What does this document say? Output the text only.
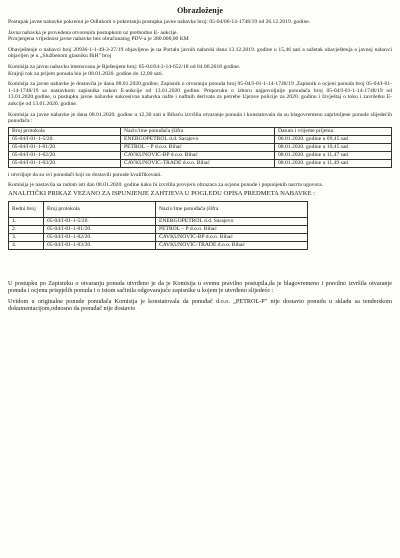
Obrazloženje

Postupak javne nabavke pokrenut je Odlukom o pokretanju postupka javne nabavke broj: 05-04/06-14-1748/19 od 26.12.2019. godine.

Javna nabavka je provedena otvorenim postupkom uz prethodno E- aukcije.

Procjenjena vrijednost javne nabavke bez obračunatog PDV-a je 380.000,00 KM

Obavještenje o nabavci broj 20936-1-1-49-3-27/19 objavljeno je na Portalu javnih nabavki dana 13.12.2019. godine u 15,46 sati a sažetak obavještenja o javnoj nabavci objavljen je u „Službenom glasniku BiH" broj

Komisija za javnu nabavku imenovana je Rješenjem broj: 05-04/04-2-14-652/18 od 04.06.2018 godine.

Krajnji rok za prijem ponuda bio je 08.01.2020. godine do 12,00 sati.

Komisija za javne nabavke je dostavila je dana 08.01.2020.godine, Zapisnik o otvaranju ponuda broj 05-04/I-01-1-14-1748/19 ,Zapisnik o ocjeni ponuda broj 05-04/I-01-1-14-1748/19 sa nastavkom zapisnika nakon E-aukcije od 13.01.2020 godine. Preporuku o izboru najpovoljnije ponudača broj 05-04/I-01-1-14-1748/19 od 13.01.2020.godine, u postupku javne nabavke sukcesivna nabavka nafte i naftnih derivata za potrebe Uprave policije za 2020. godinu i Izvještaj o toku i završetku E-aukcije od 13.01.2020. godine.

Komisija za javne nabavke je dana 08.01.2020. godine u 12,30 sati u Bihaću izvršila otvaranje ponuda i konstatovala da su blagovremeno zaprimljene ponude slijedećih ponuđača :

Broj protokola	Naziv/ime ponuđača (šifra	Datum i vrijeme prijema
05-04/I-01-1-5/20.	ENERGOPETROL d.d. Sarajevo	06.01.2020. godine u 09,45 sati
05-04/I-01-1-01/20.	PETROL – P d.o.o. Bihać	08.01.2020. godine u 10,45 sati
05-04/I-01-1-02/20.	ČAVKUNOVIĆ-BP d.o.o. Bihać	08.01.2020. godine u 11,47 sati
05-04/I-01-1-03/20.	ČAVKUNOVIĆ-TRADE d.o.o. Bihać	08.01.2020. godine u 11,49 sati

i utvrdjuje da su svi ponudači koji su dostavili ponude kvalifikovani.

Komisija je nastavila sa radom isti dan 08.01.2020. godine kako bi izvršila provjeru obrazaca za ocjenu ponude i popunjenih nacrta ugovora.

ANALITIČKI PRIKAZ VEZANO ZA ISPUNJENJE ZAHTJEVA U POGLEDU OPISA PREDMETA NABAVKE :

Redni broj	Broj protokola	Naziv/ime ponuđača (šifra
1.	05-04/I-01-1-5/20.	ENERGOPETROL d.d. Sarajevo
2.	05-04/I-01-1-01/20.	PETROL – P d.o.o. Bihać
3.	05-04/I-01-1-02/20.	ČAVKUNOVIĆ-BP d.o.o. Bihać
4.	05-04/I-01-1-03/20.	ČAVKUNOVIĆ-TRADE d.o.o. Bihać

U postupku po Zapisniku o otvaranju ponuda utvrđeno je da je Komisija u svemu pravilno postupila,da je blagovremeno i pravilno izvršila otvaranje ponuda i ocjenu prispjelih ponuda i o istom sačinila odgovarajuće zapisnike u kojem je utvrđeno slijedeće :

Uvidom u originalne ponude ponuđača Komisija je konstatovala da ponuđač d.o.o. „PETROL-P" nije dostavio ponudu u skladu sa tenderskom dokumentacijom,odnosno da ponuđač nije dostavio
